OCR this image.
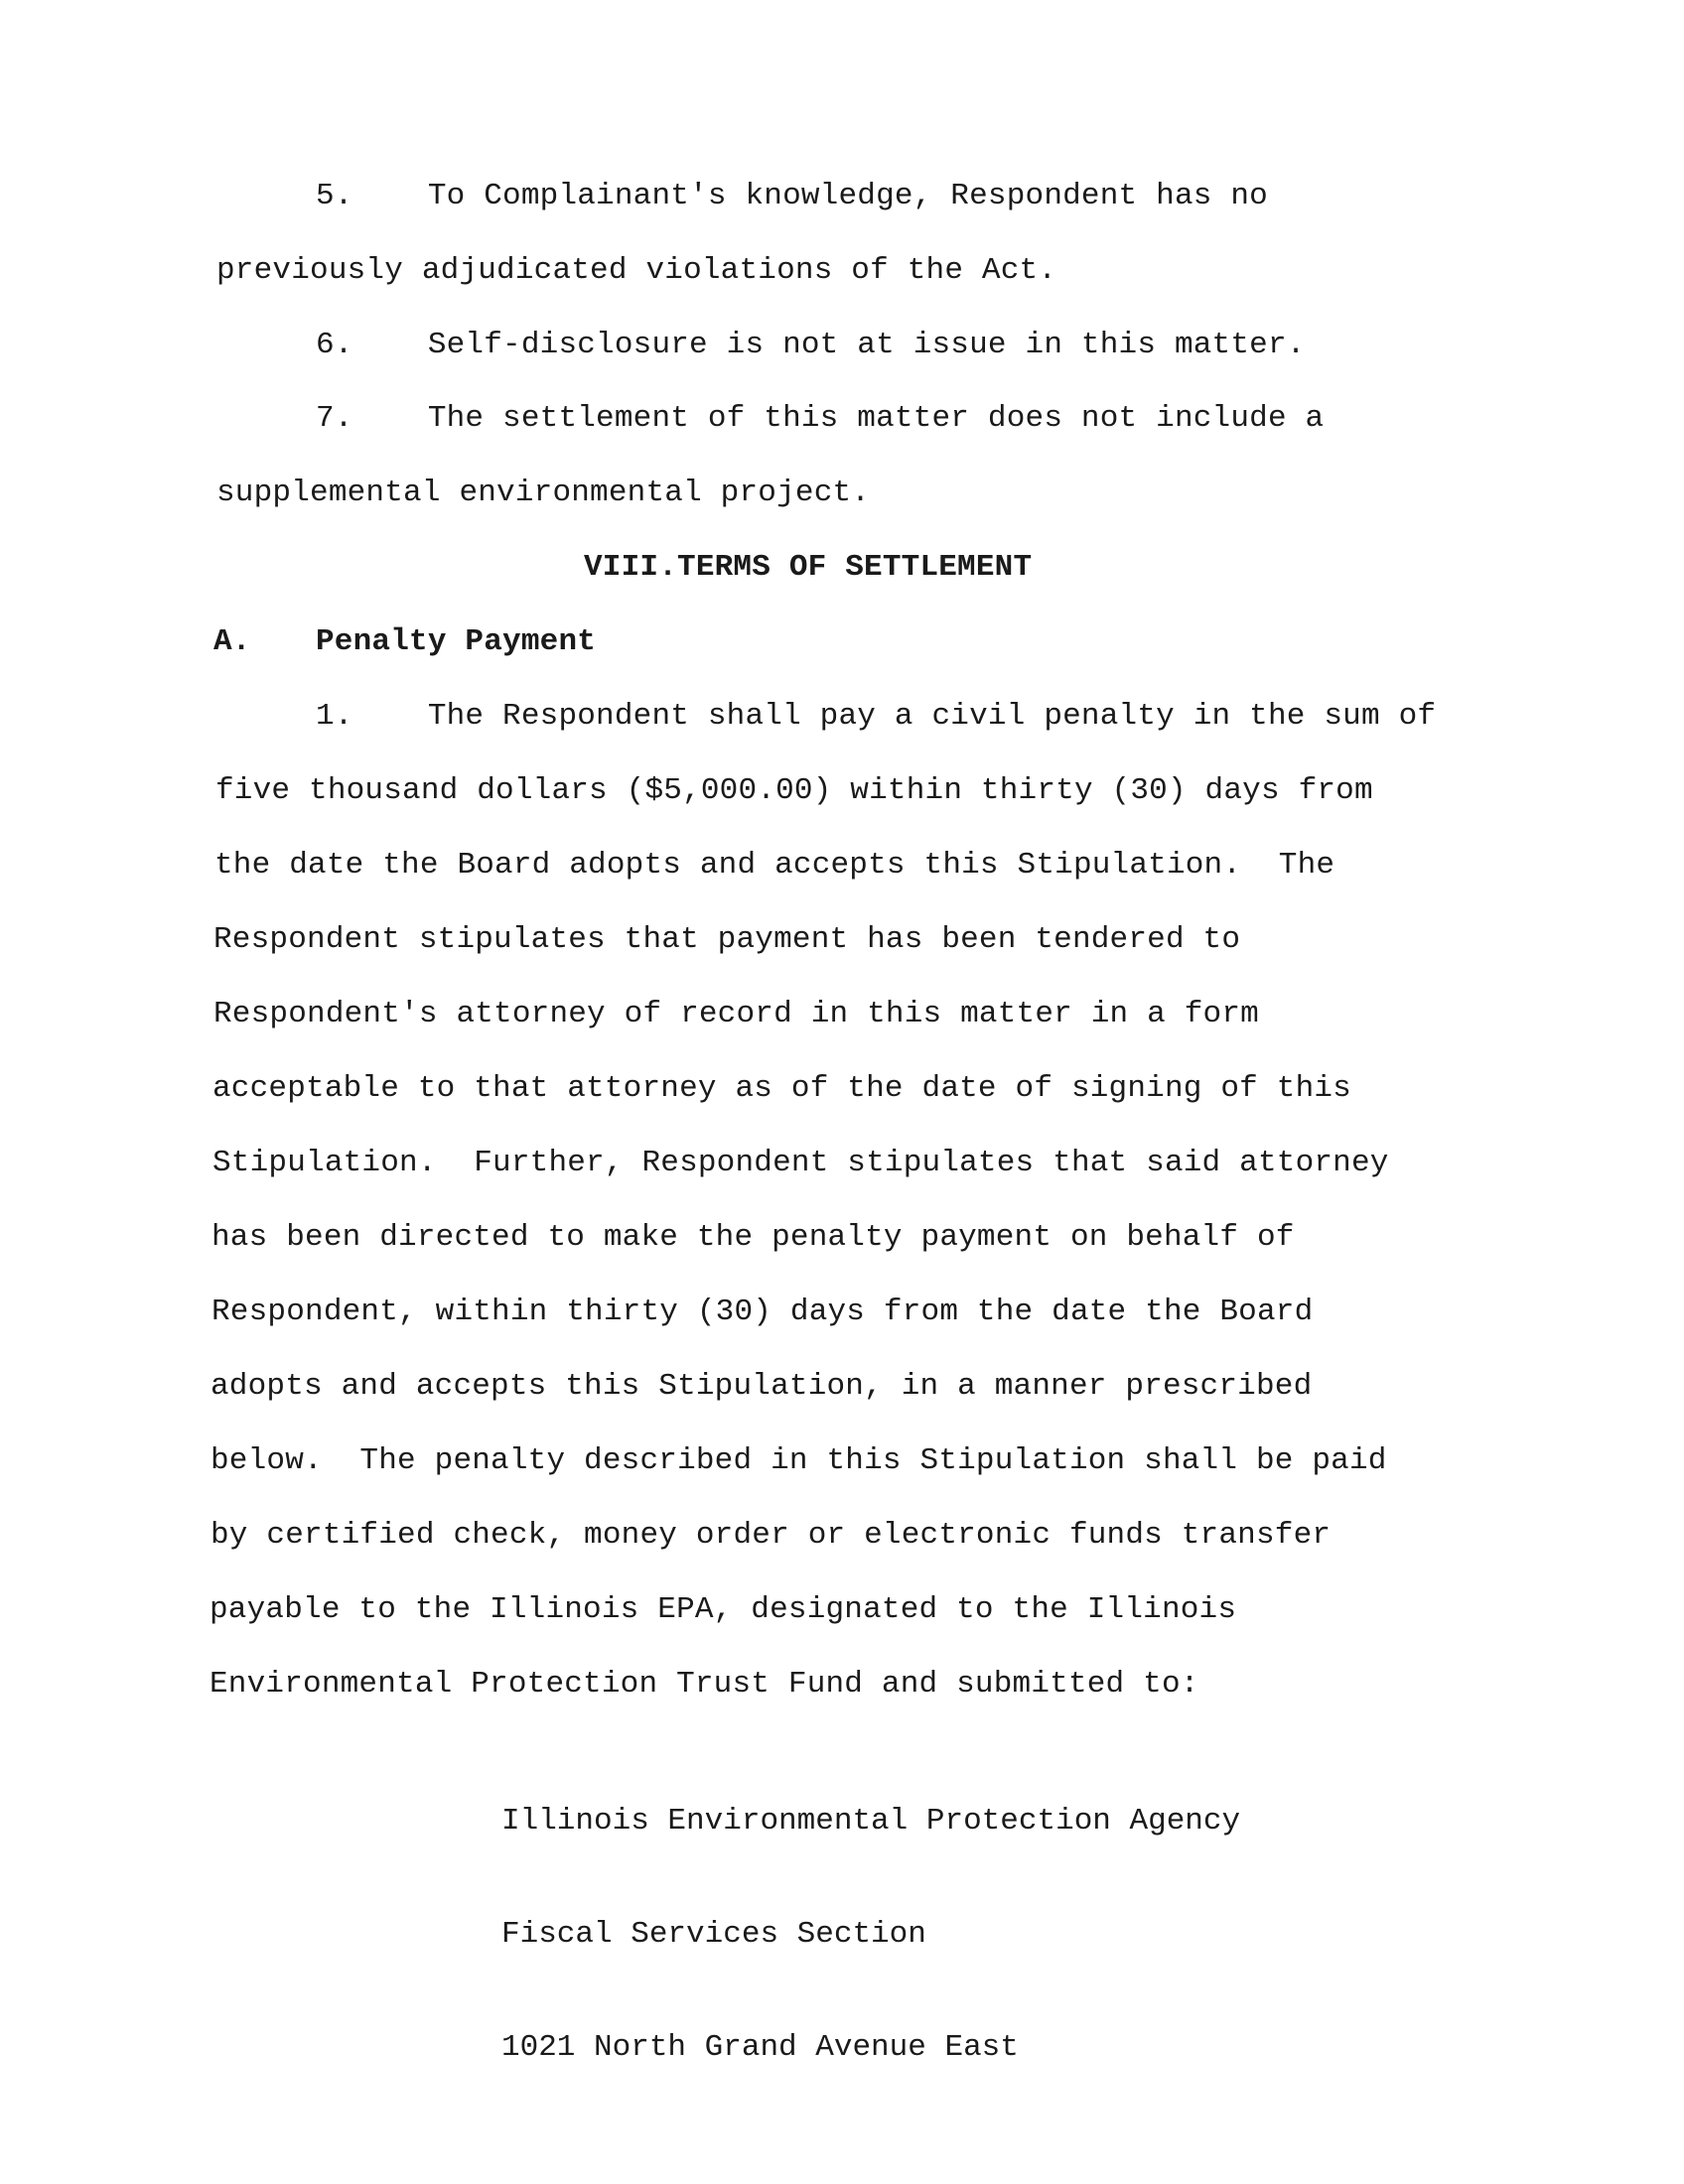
5.    To Complainant's knowledge, Respondent has no
previously adjudicated violations of the Act.
6.    Self-disclosure is not at issue in this matter.
7.    The settlement of this matter does not include a
supplemental environmental project.
VIII.TERMS OF SETTLEMENT
A. Penalty Payment
1.    The Respondent shall pay a civil penalty in the sum of
five thousand dollars ($5,000.00) within thirty (30) days from
the date the Board adopts and accepts this Stipulation.  The
Respondent stipulates that payment has been tendered to
Respondent's attorney of record in this matter in a form
acceptable to that attorney as of the date of signing of this
Stipulation.  Further, Respondent stipulates that said attorney
has been directed to make the penalty payment on behalf of
Respondent, within thirty (30) days from the date the Board
adopts and accepts this Stipulation, in a manner prescribed
below.  The penalty described in this Stipulation shall be paid
by certified check, money order or electronic funds transfer
payable to the Illinois EPA, designated to the Illinois
Environmental Protection Trust Fund and submitted to:

Illinois Environmental Protection Agency

Fiscal Services Section

1021 North Grand Avenue East
